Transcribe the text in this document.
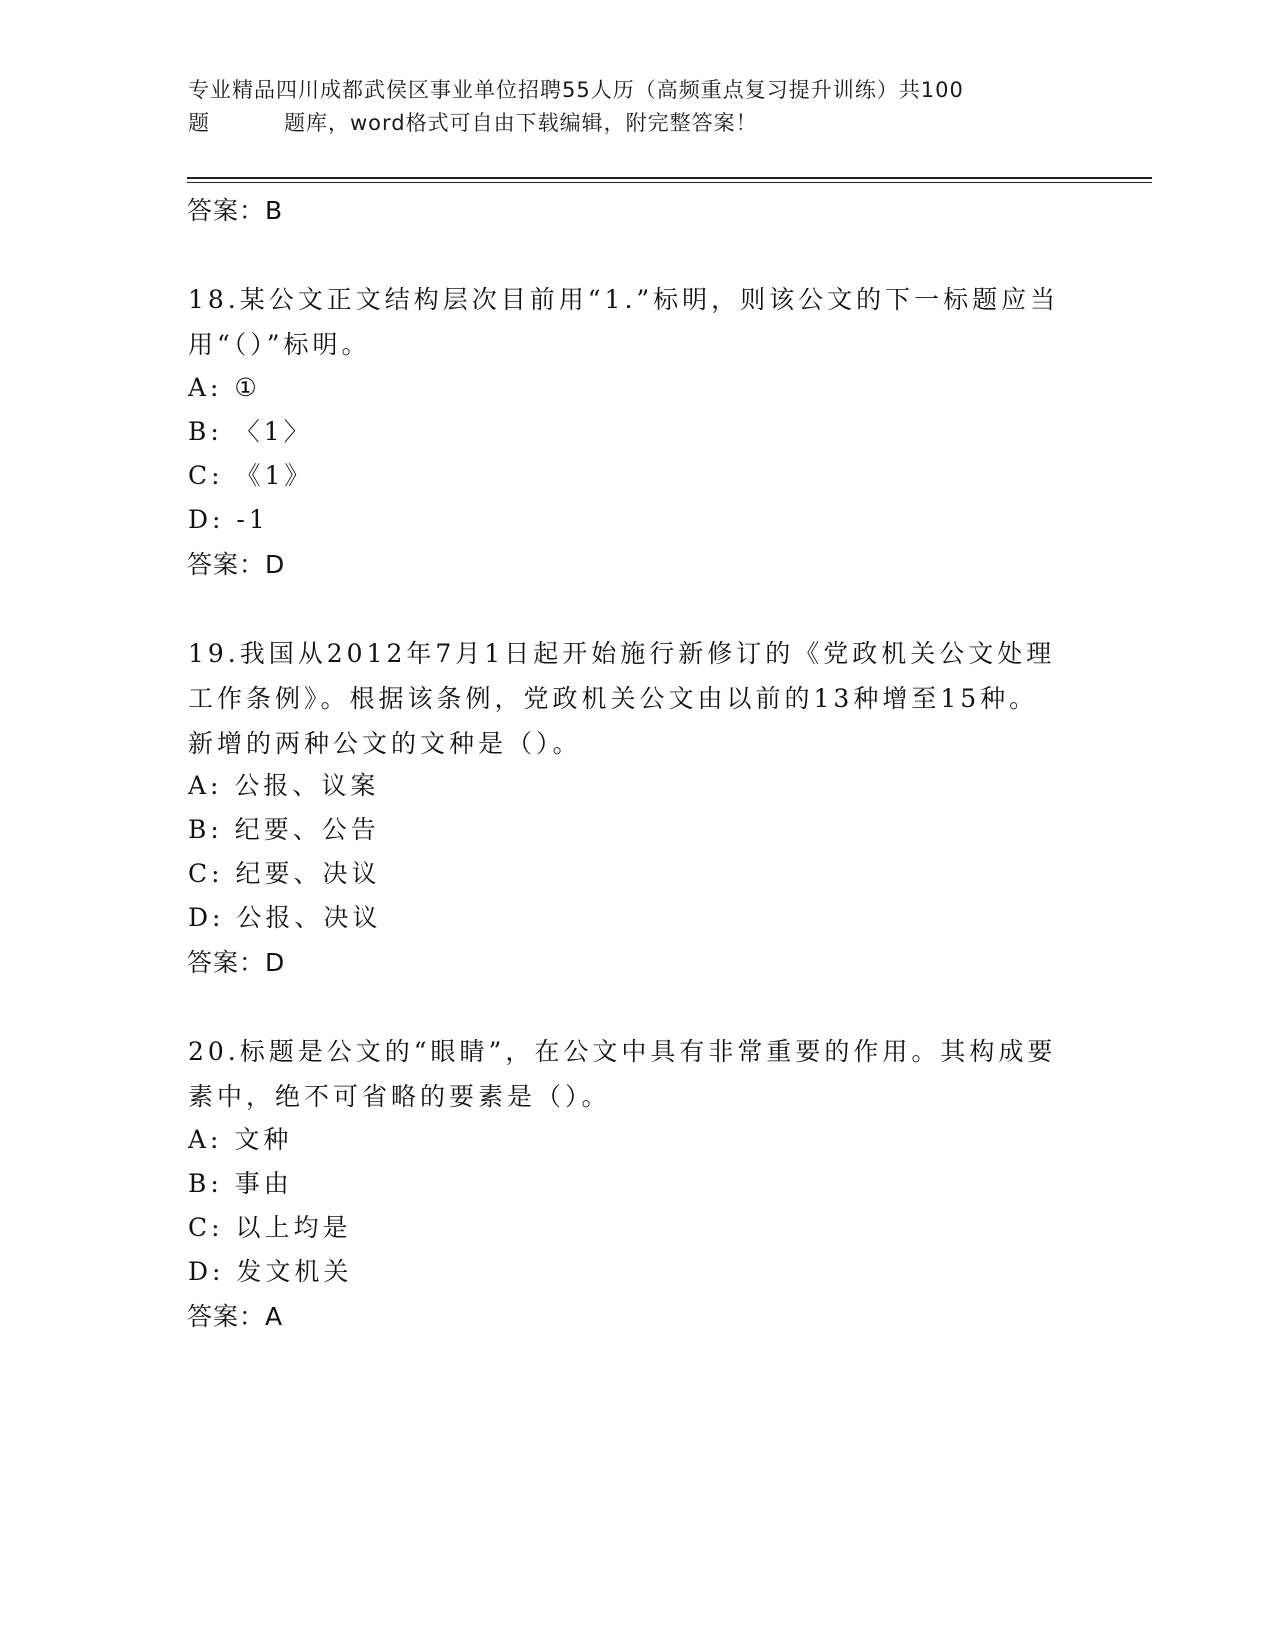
专业精品四川成都武侯区事业单位招聘55人历（高频重点复习提升训练）共100
题	题库，word格式可自由下载编辑，附完整答案！
答案：B
18.某公文正文结构层次目前用“1.”标明，则该公文的下一标题应当
用“（）”标明。
A: ①
B: 〈1〉
C: 《1》
D: -1
答案：D
19.我国从2012年7月1日起开始施行新修订的《党政机关公文处理
工作条例》。根据该条例，党政机关公文由以前的13种增至15种。
新增的两种公文的文种是（）。
A: 公报、议案
B: 纪要、公告
C: 纪要、决议
D: 公报、决议
答案：D
20.标题是公文的“眼睛”，在公文中具有非常重要的作用。其构成要
素中，绝不可省略的要素是（）。
A: 文种
B: 事由
C: 以上均是
D: 发文机关
答案：A
